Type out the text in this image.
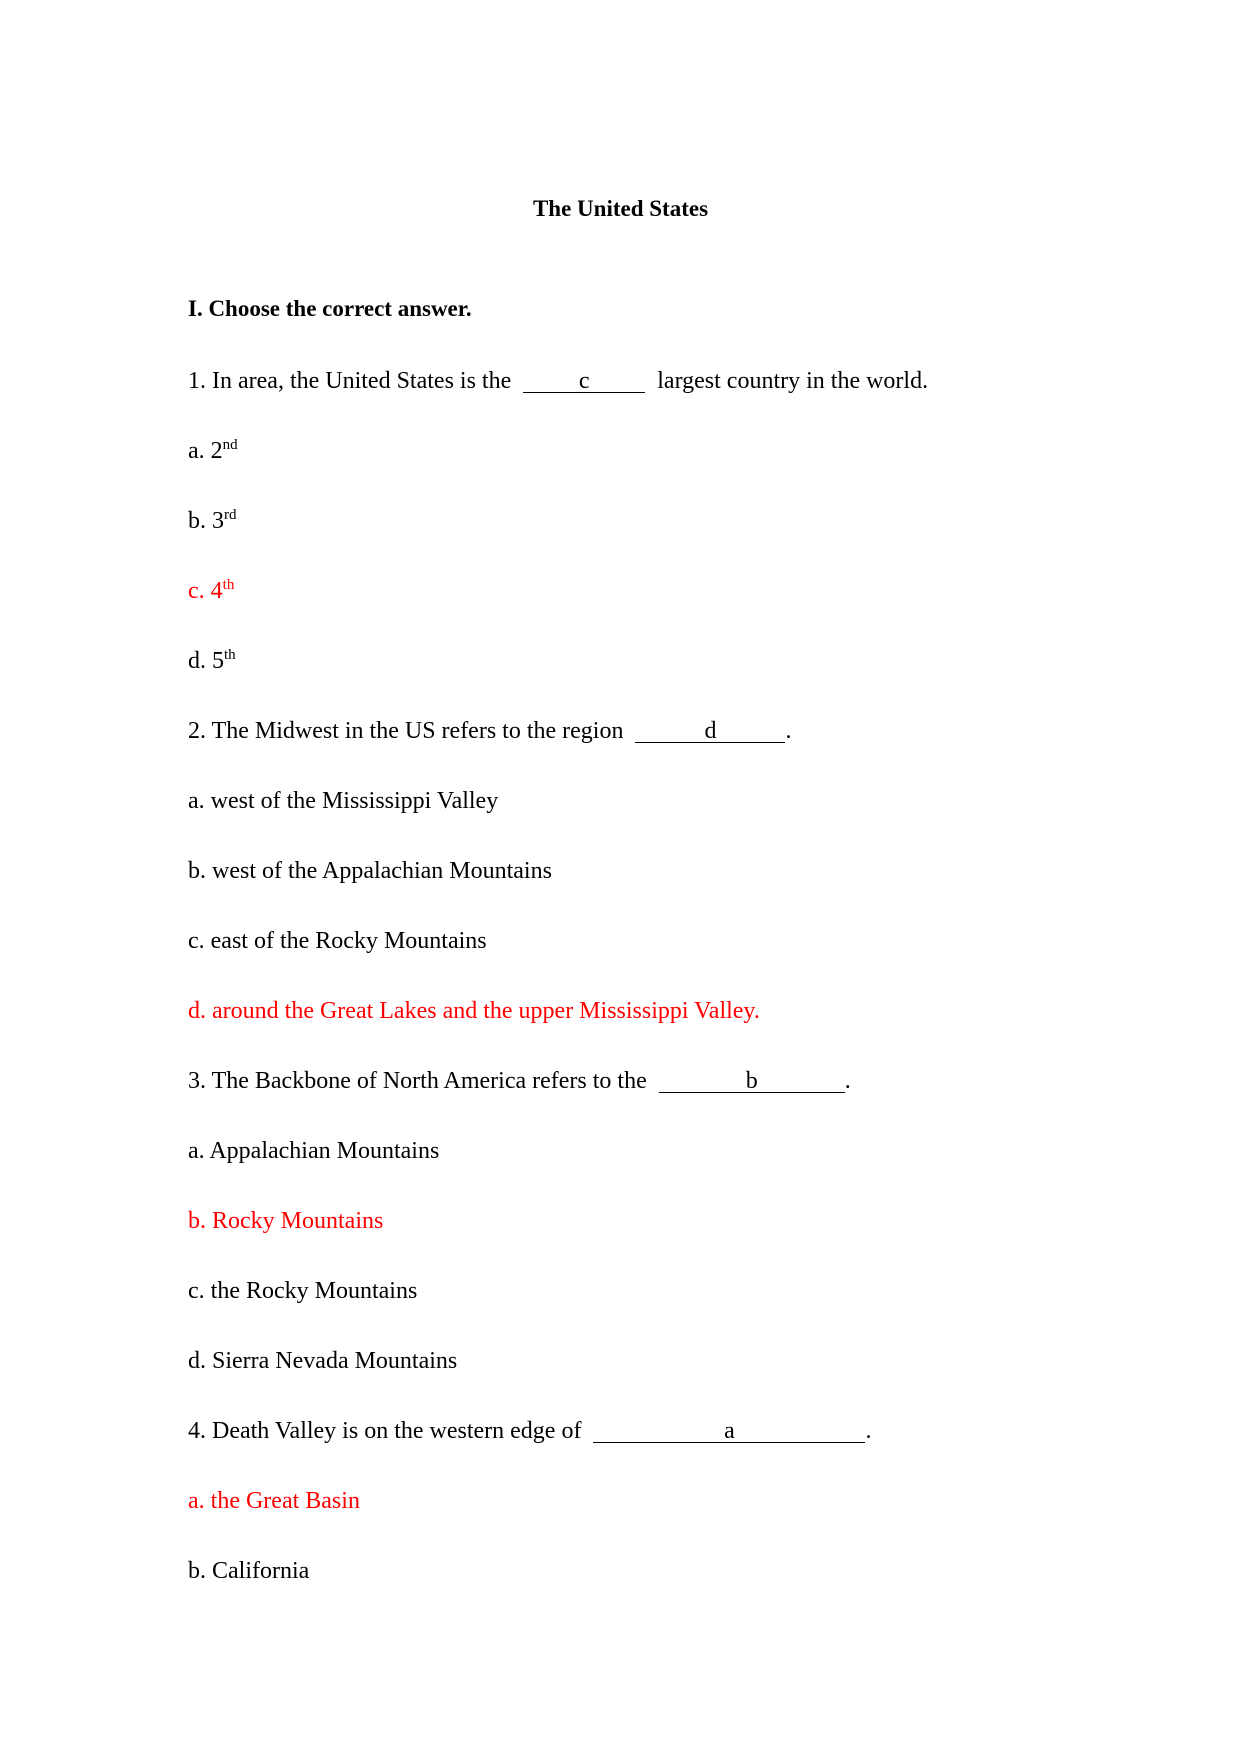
The United States
I. Choose the correct answer.
1. In area, the United States is the	c	largest country in the world.
a. 2nd
b. 3rd
c. 4th
d. 5th
2. The Midwest in the US refers to the region	d	.
a. west of the Mississippi Valley
b. west of the Appalachian Mountains
c. east of the Rocky Mountains
d. around the Great Lakes and the upper Mississippi Valley.
3. The Backbone of North America refers to the	b	.
a. Appalachian Mountains
b. Rocky Mountains
c. the Rocky Mountains
d. Sierra Nevada Mountains
4. Death Valley is on the western edge of	a	.
a. the Great Basin
b. California
